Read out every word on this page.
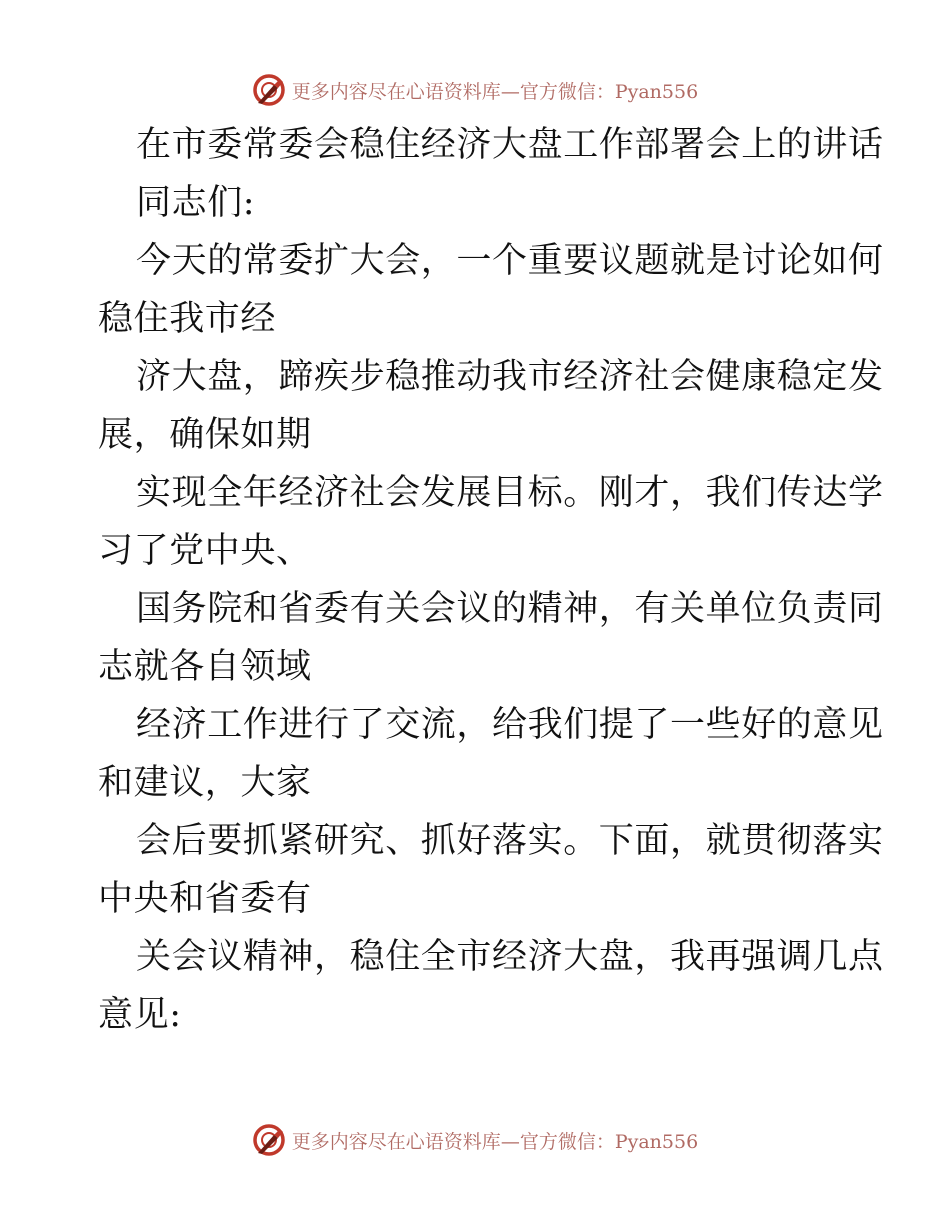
更多内容尽在心语资料库—官方微信：Pyan556
在市委常委会稳住经济大盘工作部署会上的讲话
同志们:
今天的常委扩大会，一个重要议题就是讨论如何
稳住我市经
济大盘，蹄疾步稳推动我市经济社会健康稳定发
展，确保如期
实现全年经济社会发展目标。刚才，我们传达学
习了党中央、
国务院和省委有关会议的精神，有关单位负责同
志就各自领域
经济工作进行了交流，给我们提了一些好的意见
和建议，大家
会后要抓紧研究、抓好落实。下面，就贯彻落实
中央和省委有
关会议精神，稳住全市经济大盘，我再强调几点
意见:
更多内容尽在心语资料库—官方微信：Pyan556
